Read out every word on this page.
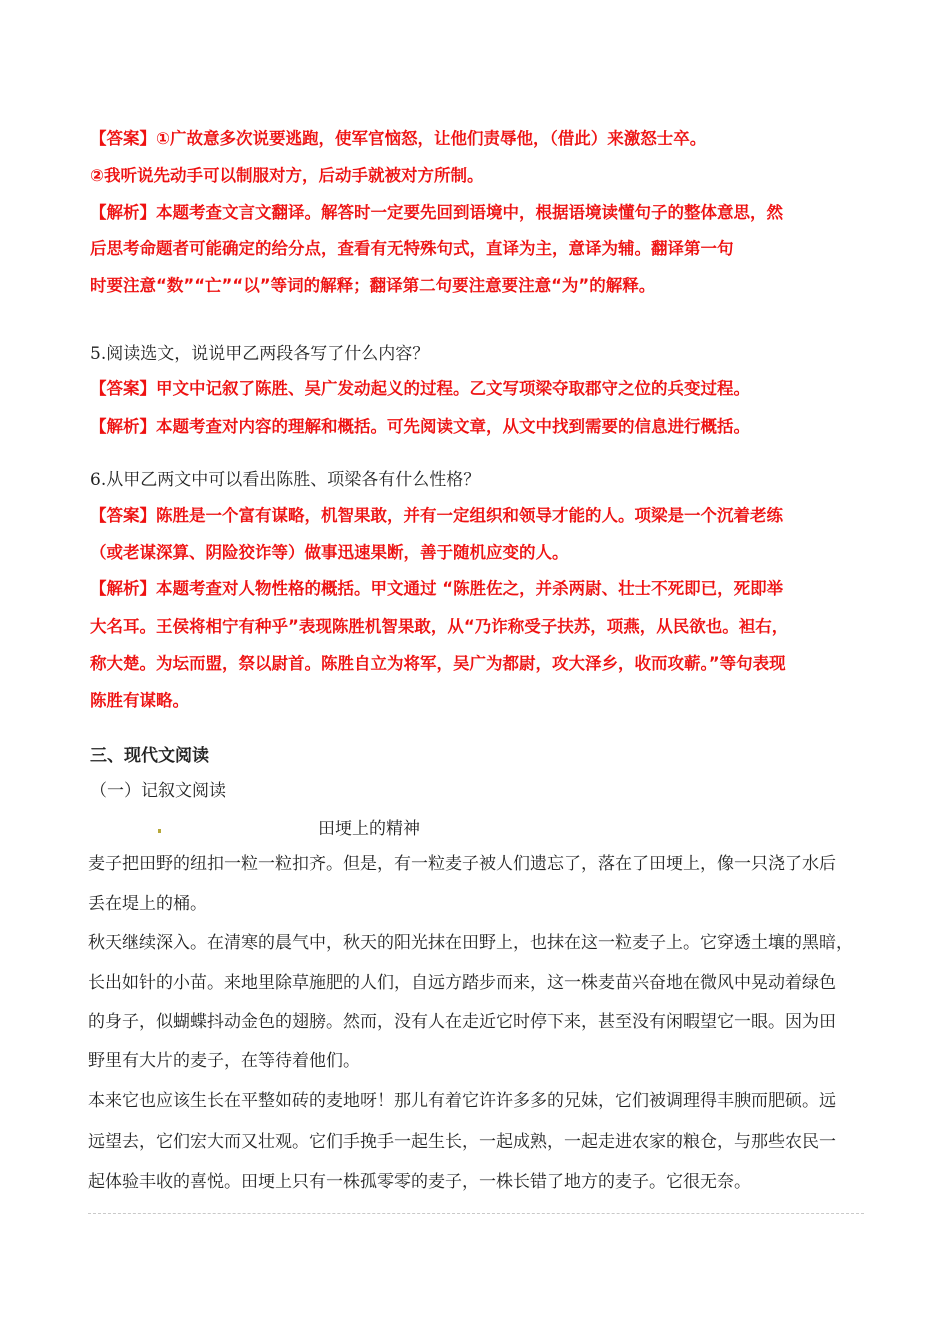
【答案】①广故意多次说要逃跑，使军官恼怒，让他们责辱他，（借此）来激怒士卒。
②我听说先动手可以制服对方，后动手就被对方所制。
【解析】本题考查文言文翻译。解答时一定要先回到语境中，根据语境读懂句子的整体意思，然
后思考命题者可能确定的给分点，查看有无特殊句式，直译为主，意译为辅。翻译第一句
时要注意“数”“亡”“以”等词的解释；翻译第二句要注意要注意“为”的解释。
5.阅读选文，说说甲乙两段各写了什么内容？
【答案】甲文中记叙了陈胜、吴广发动起义的过程。乙文写项梁夺取郡守之位的兵变过程。
【解析】本题考查对内容的理解和概括。可先阅读文章，从文中找到需要的信息进行概括。
6.从甲乙两文中可以看出陈胜、项梁各有什么性格？
【答案】陈胜是一个富有谋略，机智果敢，并有一定组织和领导才能的人。项梁是一个沉着老练
（或老谋深算、阴险狡诈等）做事迅速果断，善于随机应变的人。
【解析】本题考查对人物性格的概括。甲文通过 “陈胜佐之，并杀两尉、壮士不死即已，死即举
大名耳。王侯将相宁有种乎”表现陈胜机智果敢，从“乃诈称受子扶苏，项燕，从民欲也。袒右，
称大楚。为坛而盟，祭以尉首。陈胜自立为将军，吴广为都尉，攻大泽乡，收而攻蕲。”等句表现
陈胜有谋略。
三、现代文阅读
（一）记叙文阅读
田埂上的精神
麦子把田野的纽扣一粒一粒扣齐。但是，有一粒麦子被人们遗忘了，落在了田埂上，像一只浇了水后
丢在堤上的桶。
秋天继续深入。在清寒的晨气中，秋天的阳光抹在田野上，也抹在这一粒麦子上。它穿透土壤的黑暗，
长出如针的小苗。来地里除草施肥的人们，自远方踏步而来，这一株麦苗兴奋地在微风中晃动着绿色
的身子，似蝴蝶抖动金色的翅膀。然而，没有人在走近它时停下来，甚至没有闲暇望它一眼。因为田
野里有大片的麦子，在等待着他们。
本来它也应该生长在平整如砖的麦地呀！那儿有着它许许多多的兄妹，它们被调理得丰腴而肥硕。远
远望去，它们宏大而又壮观。它们手挽手一起生长，一起成熟，一起走进农家的粮仓，与那些农民一
起体验丰收的喜悦。田埂上只有一株孤零零的麦子，一株长错了地方的麦子。它很无奈。
